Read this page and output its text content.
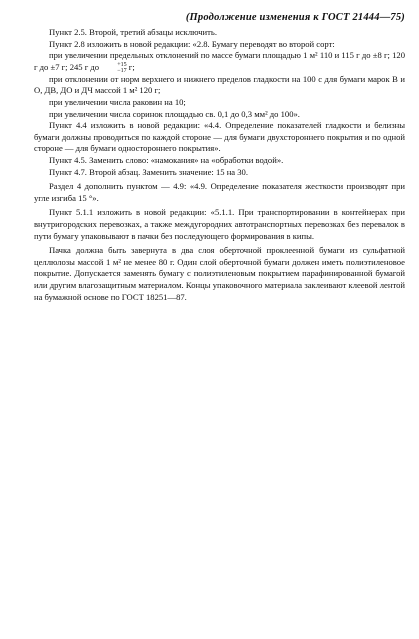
(Продолжение изменения к ГОСТ 21444—75)

Пункт 2.5. Второй, третий абзацы исключить.

Пункт 2.8 изложить в новой редакции: «2.8. Бумагу переводят во второй сорт:

при увеличении предельных отклонений по массе бумаги площадью 1 м² 110 и 115 г до ±8 г; 120 г до ±7 г; 245 г до	+15
−17 г;

при отклонении от норм верхнего и нижнего пределов гладкости на 100 с для бумаги марок В и О, ДВ, ДО и ДЧ массой 1 м² 120 г;

при увеличении числа раковин на 10;

при увеличении числа соринок площадью св. 0,1 до 0,3 мм² до 100».

Пункт 4.4 изложить в новой редакции: «4.4. Определение показателей гладкости и белизны бумаги должны проводиться по каждой стороне — для бумаги двухстороннего покрытия и по одной стороне — для бумаги одностороннего покрытия».

Пункт 4.5. Заменить слово: «намокания» на «обработки водой».

Пункт 4.7. Второй абзац. Заменить значение: 15 на 30.

Раздел 4 дополнить пунктом — 4.9: «4.9. Определение показателя жесткости производят при угле изгиба 15 °».

Пункт 5.1.1 изложить в новой редакции: «5.1.1. При транспортировании в контейнерах при внутригородских перевозках, а также междугородних автотранспортных перевозках без перевалок в пути бумагу упаковывают в пачки без последующего формирования в кипы.

Пачка должна быть завернута в два слоя оберточной проклеенной бумаги из сульфатной целлюлозы массой 1 м² не менее 80 г. Один слой оберточной бумаги должен иметь полиэтиленовое покрытие. Допускается заменять бумагу с полиэтиленовым покрытием парафинированной бумагой или другим влагозащитным материалом. Концы упаковочного материала заклеивают клеевой лентой на бумажной основе по ГОСТ 18251—87.
